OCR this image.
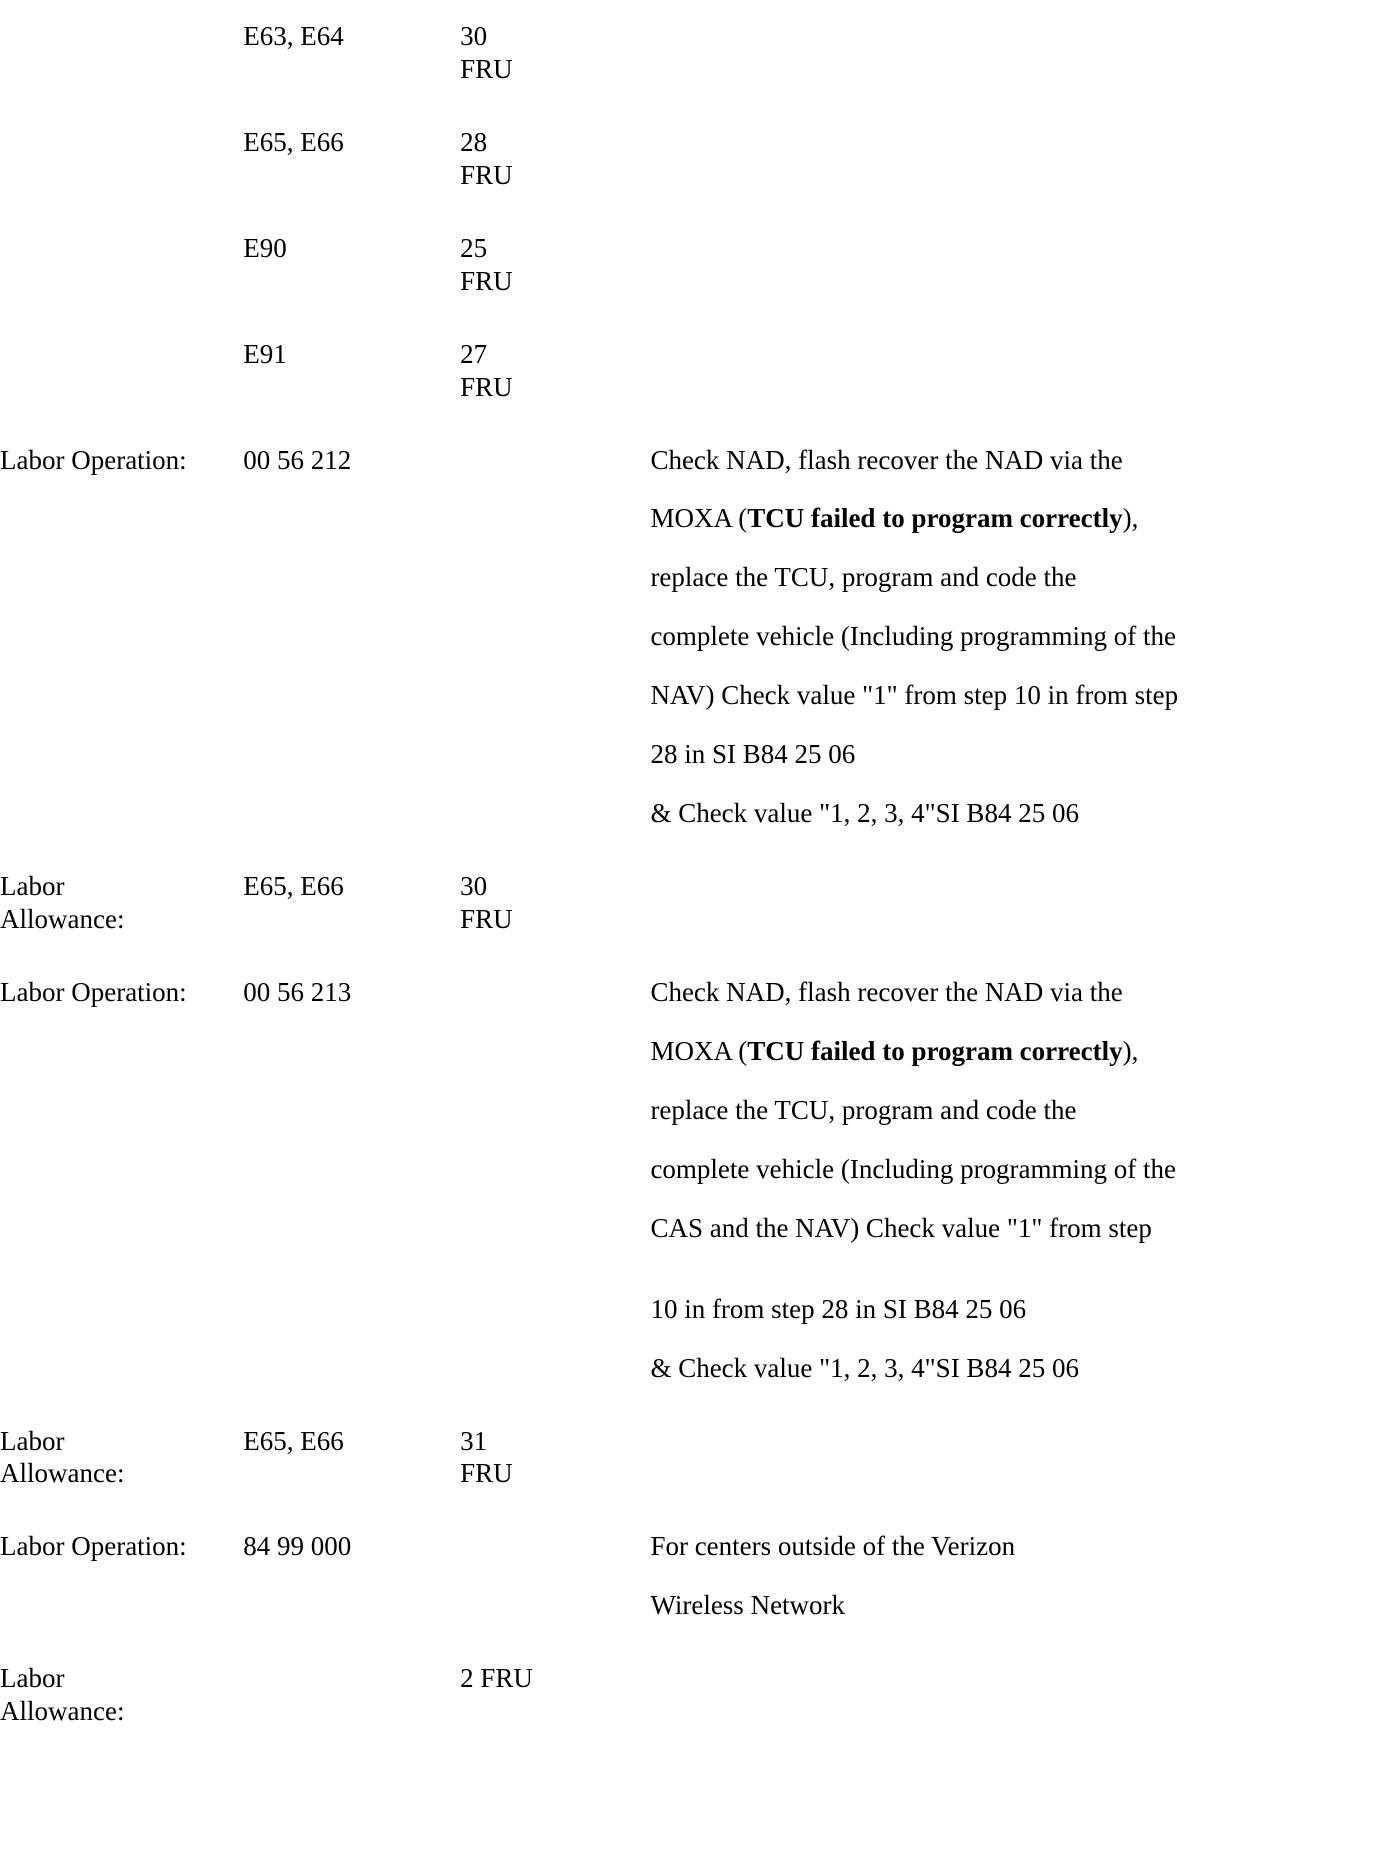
	E63, E64	30
FRU	

	E65, E66	28
FRU	

	E90	25
FRU	

	E91	27
FRU	

Labor Operation:	00 56 212		Check NAD, flash recover the NAD via the
MOXA (TCU failed to program correctly),
replace the TCU, program and code the
complete vehicle (Including programming of the
NAV) Check value "1" from step 10 in from step
28 in SI B84 25 06
& Check value "1, 2, 3, 4"SI B84 25 06

Labor
Allowance:	E65, E66	30
FRU	

Labor Operation:	00 56 213		Check NAD, flash recover the NAD via the
MOXA (TCU failed to program correctly),
replace the TCU, program and code the
complete vehicle (Including programming of the
CAS and the NAV) Check value "1" from step
10 in from step 28 in SI B84 25 06
& Check value "1, 2, 3, 4"SI B84 25 06

Labor
Allowance:	E65, E66	31
FRU	

Labor Operation:	84 99 000		For centers outside of the Verizon
Wireless Network

Labor
Allowance:		2 FRU	
